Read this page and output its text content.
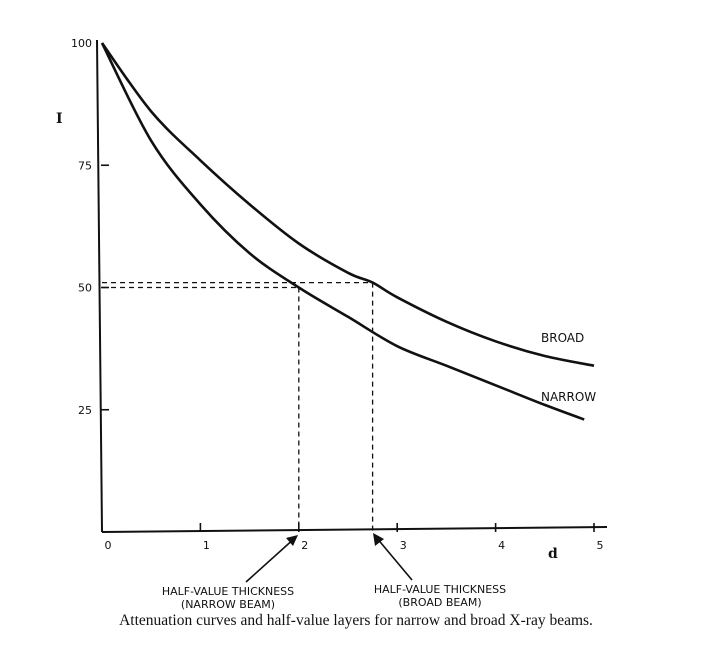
0	1	2	3	4	5
100
75
50
25
I
d
BROAD
NARROW
HALF-VALUE THICKNESS
(NARROW BEAM)
HALF-VALUE THICKNESS
(BROAD BEAM)
Attenuation curves and half-value layers for narrow and broad X-ray beams.
